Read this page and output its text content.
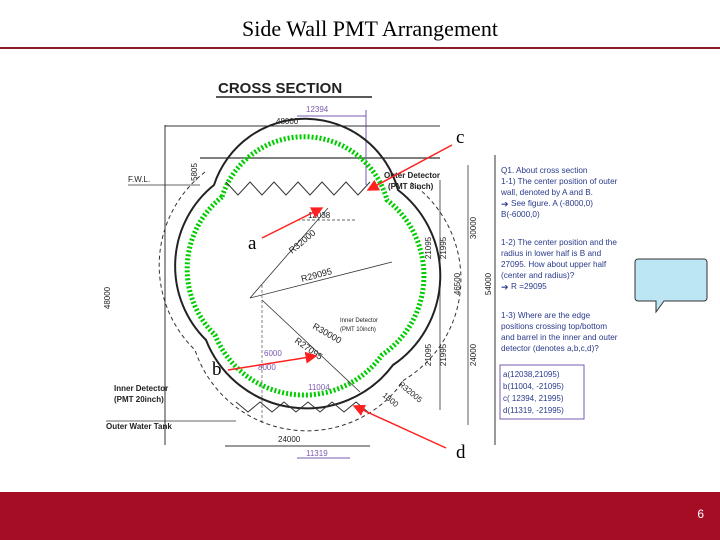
Side Wall PMT Arrangement
CROSS SECTION
12394
48000
5805
F.W.L.
12038
R32000
R29095
48000
30000
21095 21995
46500	54000
21095 21995	24000
6000
8000
R30000
R27095
11004	R32005
1800
24000
11319
Outer Detector
(PMT 8inch)
Inner Detector
(PMT 10inch)
Inner Detector
(PMT 20inch)
Outer Water Tank
Q1. About cross section
1-1) The center position of outer
wall, denoted by A and B.
➔ See figure. A (-8000,0)
B(-6000,0)
1-2) The center position and the
radius in lower half is B and
27095. How about upper half
(center and radius)?
➔ R =29095
1-3) Where are the edge
positions crossing top/bottom
and barrel in the inner and outer
detector (denotes a,b,c,d)?
a(12038,21095)
b(11004, -21095)
c( 12394, 21995)
d(11319, -21995)
c
a
b
d
6
